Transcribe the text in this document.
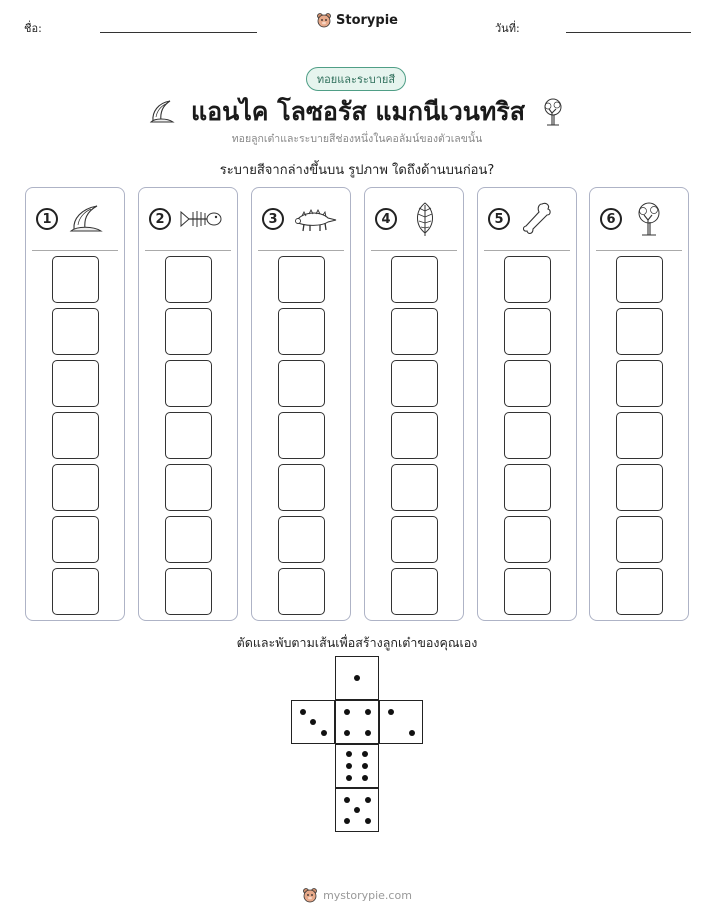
ชื่อ:
Storypie
วันที่:
ทอยและระบายสี
แอนไค โลซอรัส แมกนีเวนทริส
ทอยลูกเต๋าและระบายสีช่องหนึ่งในคอลัมน์ของตัวเลขนั้น
ระบายสีจากล่างขึ้นบน รูปภาพ ใดถึงด้านบนก่อน?
1	2	3	4	5	6
ตัดและพับตามเส้นเพื่อสร้างลูกเต๋าของคุณเอง
mystorypie.com
